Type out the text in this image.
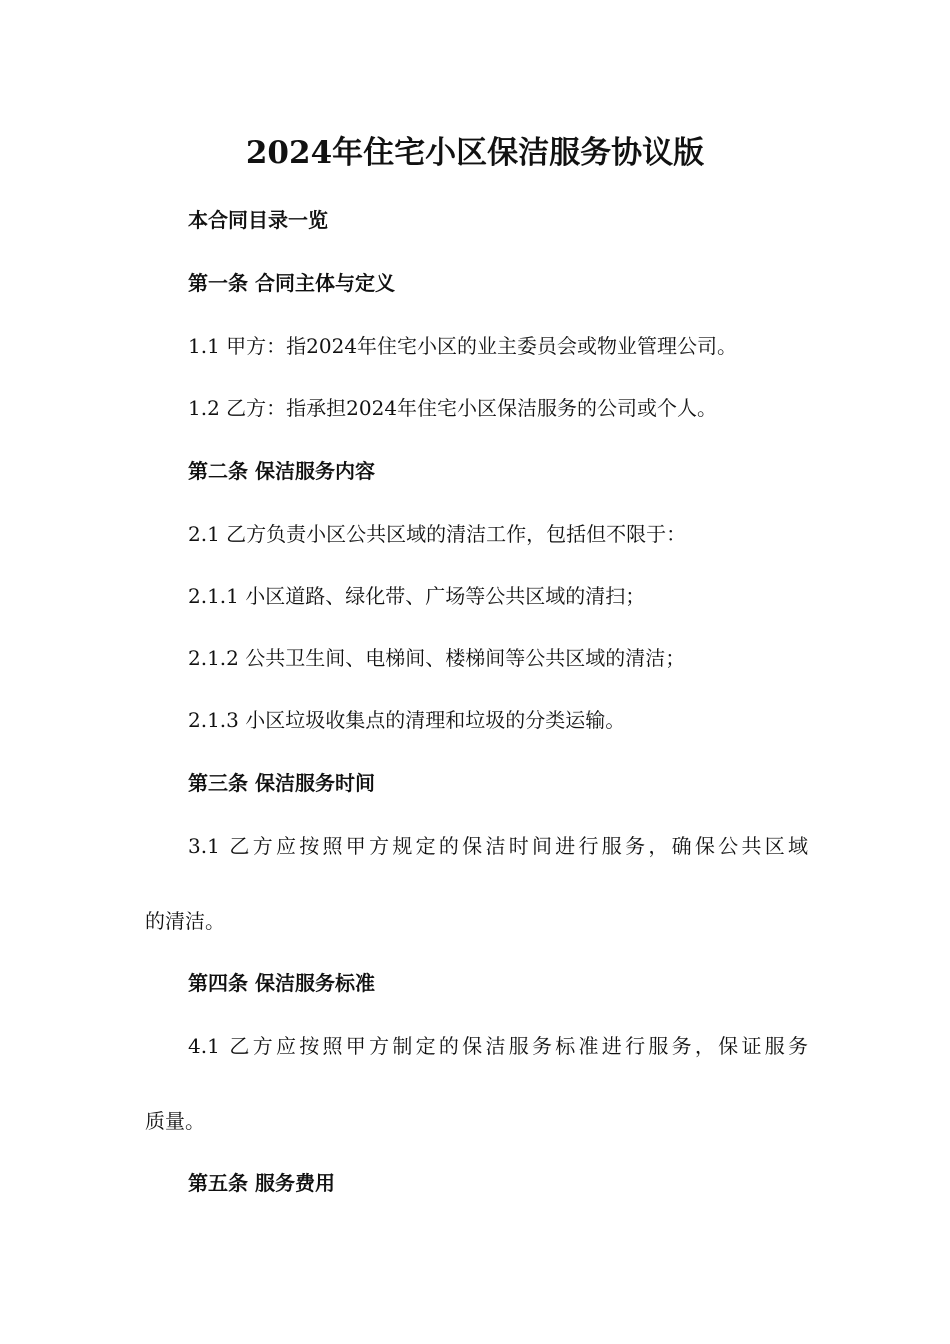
2024年住宅小区保洁服务协议版

本合同目录一览

第一条 合同主体与定义

1.1 甲方：指2024年住宅小区的业主委员会或物业管理公司。

1.2 乙方：指承担2024年住宅小区保洁服务的公司或个人。

第二条 保洁服务内容

2.1 乙方负责小区公共区域的清洁工作，包括但不限于：

2.1.1 小区道路、绿化带、广场等公共区域的清扫；

2.1.2 公共卫生间、电梯间、楼梯间等公共区域的清洁；

2.1.3 小区垃圾收集点的清理和垃圾的分类运输。

第三条 保洁服务时间

3.1 乙方应按照甲方规定的保洁时间进行服务，确保公共区域

的清洁。

第四条 保洁服务标准

4.1 乙方应按照甲方制定的保洁服务标准进行服务，保证服务

质量。

第五条 服务费用
